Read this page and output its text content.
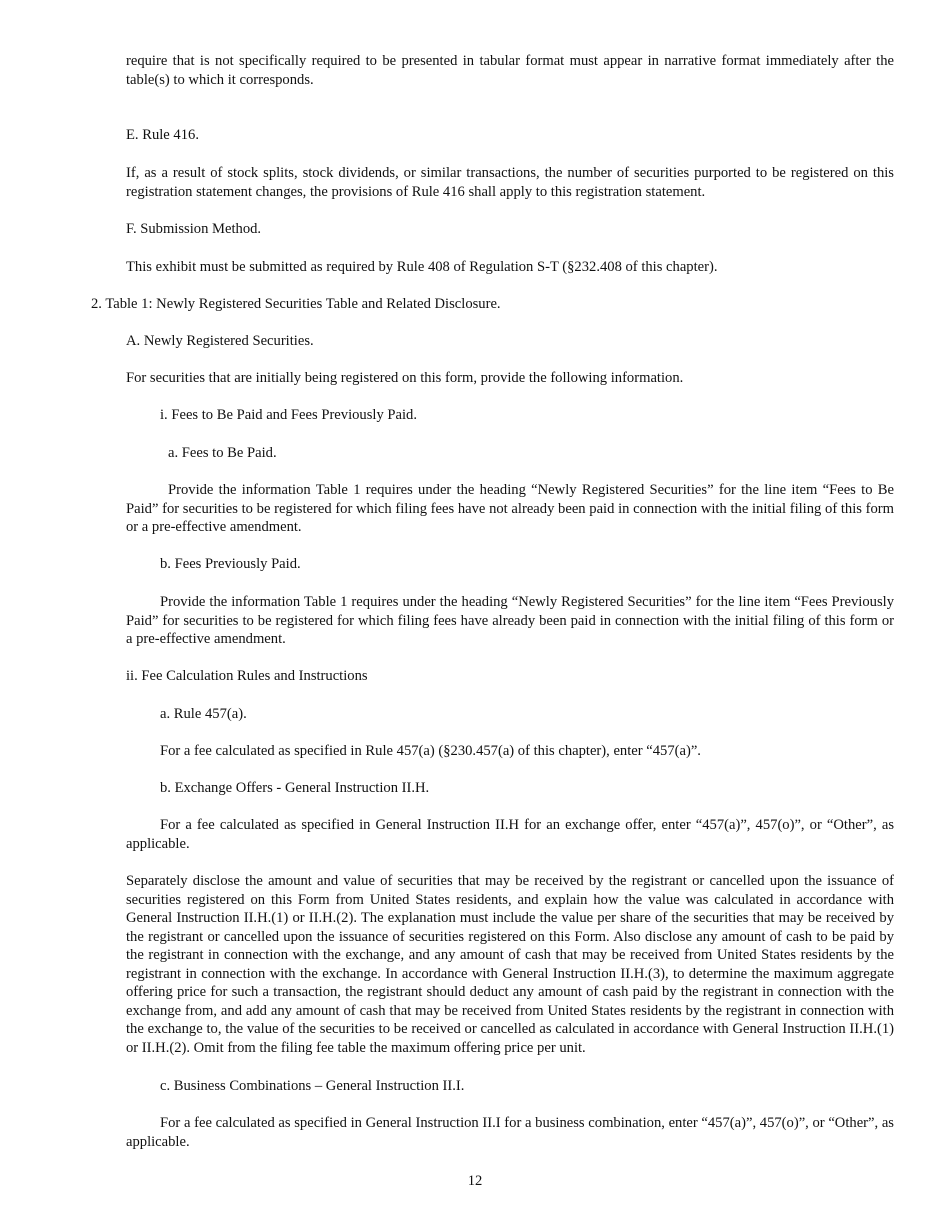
require that is not specifically required to be presented in tabular format must appear in narrative format immediately after the table(s) to which it corresponds.

E. Rule 416.

If, as a result of stock splits, stock dividends, or similar transactions, the number of securities purported to be registered on this registration statement changes, the provisions of Rule 416 shall apply to this registration statement.

F. Submission Method.

This exhibit must be submitted as required by Rule 408 of Regulation S-T (§232.408 of this chapter).

2. Table 1: Newly Registered Securities Table and Related Disclosure.

A. Newly Registered Securities.

For securities that are initially being registered on this form, provide the following information.

i. Fees to Be Paid and Fees Previously Paid.

a. Fees to Be Paid.

Provide the information Table 1 requires under the heading “Newly Registered Securities” for the line item “Fees to Be Paid” for securities to be registered for which filing fees have not already been paid in connection with the initial filing of this form or a pre-effective amendment.

b. Fees Previously Paid.

Provide the information Table 1 requires under the heading “Newly Registered Securities” for the line item “Fees Previously Paid” for securities to be registered for which filing fees have already been paid in connection with the initial filing of this form or a pre-effective amendment.

ii. Fee Calculation Rules and Instructions

a. Rule 457(a).

For a fee calculated as specified in Rule 457(a) (§230.457(a) of this chapter), enter “457(a)”.

b. Exchange Offers - General Instruction II.H.

For a fee calculated as specified in General Instruction II.H for an exchange offer, enter “457(a)”, 457(o)”, or “Other”, as applicable.

Separately disclose the amount and value of securities that may be received by the registrant or cancelled upon the issuance of securities registered on this Form from United States residents, and explain how the value was calculated in accordance with General Instruction II.H.(1) or II.H.(2). The explanation must include the value per share of the securities that may be received by the registrant or cancelled upon the issuance of securities registered on this Form. Also disclose any amount of cash to be paid by the registrant in connection with the exchange, and any amount of cash that may be received from United States residents by the registrant in connection with the exchange. In accordance with General Instruction II.H.(3), to determine the maximum aggregate offering price for such a transaction, the registrant should deduct any amount of cash paid by the registrant in connection with the exchange from, and add any amount of cash that may be received from United States residents by the registrant in connection with the exchange to, the value of the securities to be received or cancelled as calculated in accordance with General Instruction II.H.(1) or II.H.(2). Omit from the filing fee table the maximum offering price per unit.

c. Business Combinations – General Instruction II.I.

For a fee calculated as specified in General Instruction II.I for a business combination, enter “457(a)”, 457(o)”, or “Other”, as applicable.

12
